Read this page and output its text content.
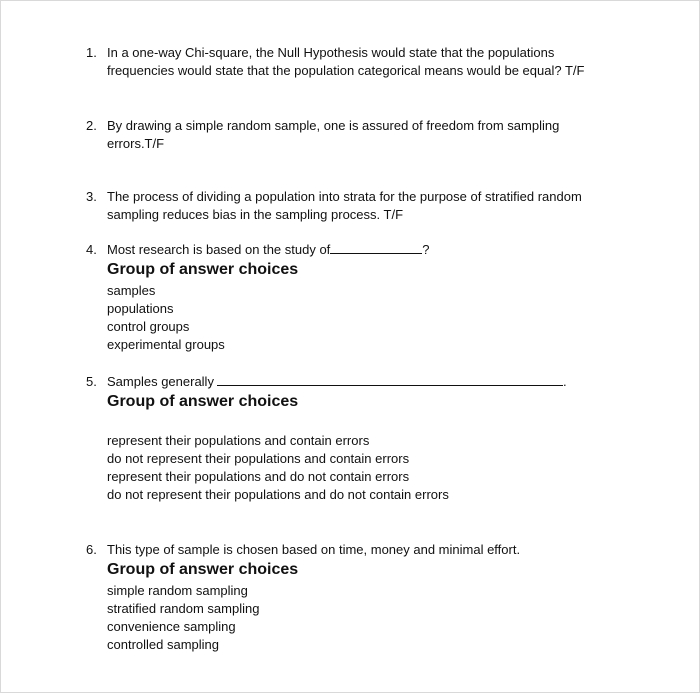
1. In a one-way Chi-square, the Null Hypothesis would state that the populations frequencies would state that the population categorical means would be equal? T/F
2. By drawing a simple random sample, one is assured of freedom from sampling errors.T/F
3. The process of dividing a population into strata for the purpose of stratified random sampling reduces bias in the sampling process. T/F
4. Most research is based on the study of	?
Group of answer choices
samples
populations
control groups
experimental groups
5. Samples generally	.
Group of answer choices
represent their populations and contain errors
do not represent their populations and contain errors
represent their populations and do not contain errors
do not represent their populations and do not contain errors
6. This type of sample is chosen based on time, money and minimal effort.
Group of answer choices
simple random sampling
stratified random sampling
convenience sampling
controlled sampling
